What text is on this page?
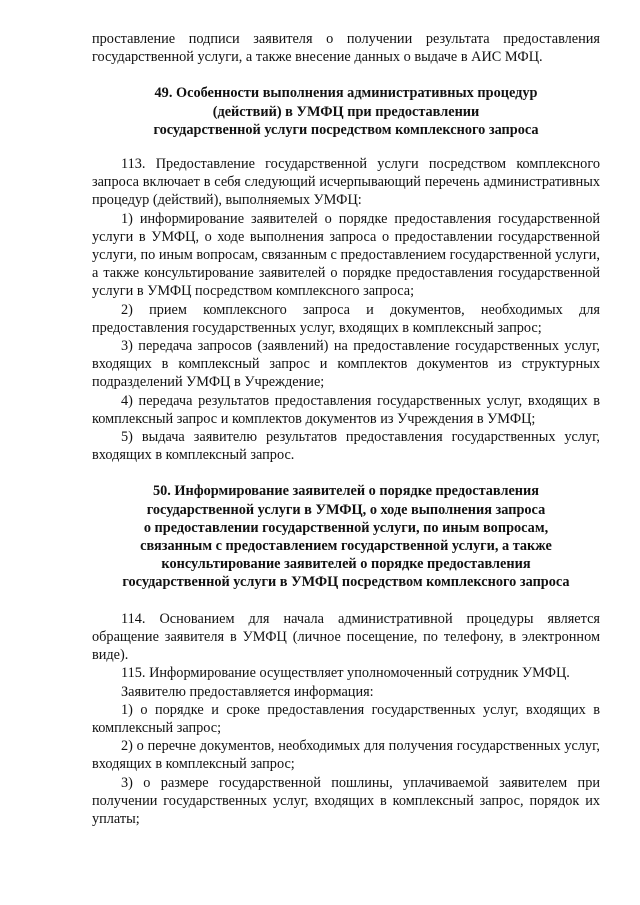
проставление подписи заявителя о получении результата предоставления государственной услуги, а также внесение данных о выдаче в АИС МФЦ.

49. Особенности выполнения административных процедур
(действий) в УМФЦ при предоставлении
государственной услуги посредством комплексного запроса

113. Предоставление государственной услуги посредством комплексного запроса включает в себя следующий исчерпывающий перечень административных процедур (действий), выполняемых УМФЦ:

1) информирование заявителей о порядке предоставления государственной услуги в УМФЦ, о ходе выполнения запроса о предоставлении государственной услуги, по иным вопросам, связанным с предоставлением государственной услуги, а также консультирование заявителей о порядке предоставления государственной услуги в УМФЦ посредством комплексного запроса;

2) прием комплексного запроса и документов, необходимых для предоставления государственных услуг, входящих в комплексный запрос;

3) передача запросов (заявлений) на предоставление государственных услуг, входящих в комплексный запрос и комплектов документов из структурных подразделений УМФЦ в Учреждение;

4) передача результатов предоставления государственных услуг, входящих в комплексный запрос и комплектов документов из Учреждения в УМФЦ;

5) выдача заявителю результатов предоставления государственных услуг, входящих в комплексный запрос.

50. Информирование заявителей о порядке предоставления
государственной услуги в УМФЦ, о ходе выполнения запроса
о предоставлении государственной услуги, по иным вопросам,
связанным с предоставлением государственной услуги, а также
консультирование заявителей о порядке предоставления
государственной услуги в УМФЦ посредством комплексного запроса

114. Основанием для начала административной процедуры является обращение заявителя в УМФЦ (личное посещение, по телефону, в электронном виде).

115. Информирование осуществляет уполномоченный сотрудник УМФЦ.

Заявителю предоставляется информация:

1) о порядке и сроке предоставления государственных услуг, входящих в комплексный запрос;

2) о перечне документов, необходимых для получения государственных услуг, входящих в комплексный запрос;

3) о размере государственной пошлины, уплачиваемой заявителем при получении государственных услуг, входящих в комплексный запрос, порядок их уплаты;
